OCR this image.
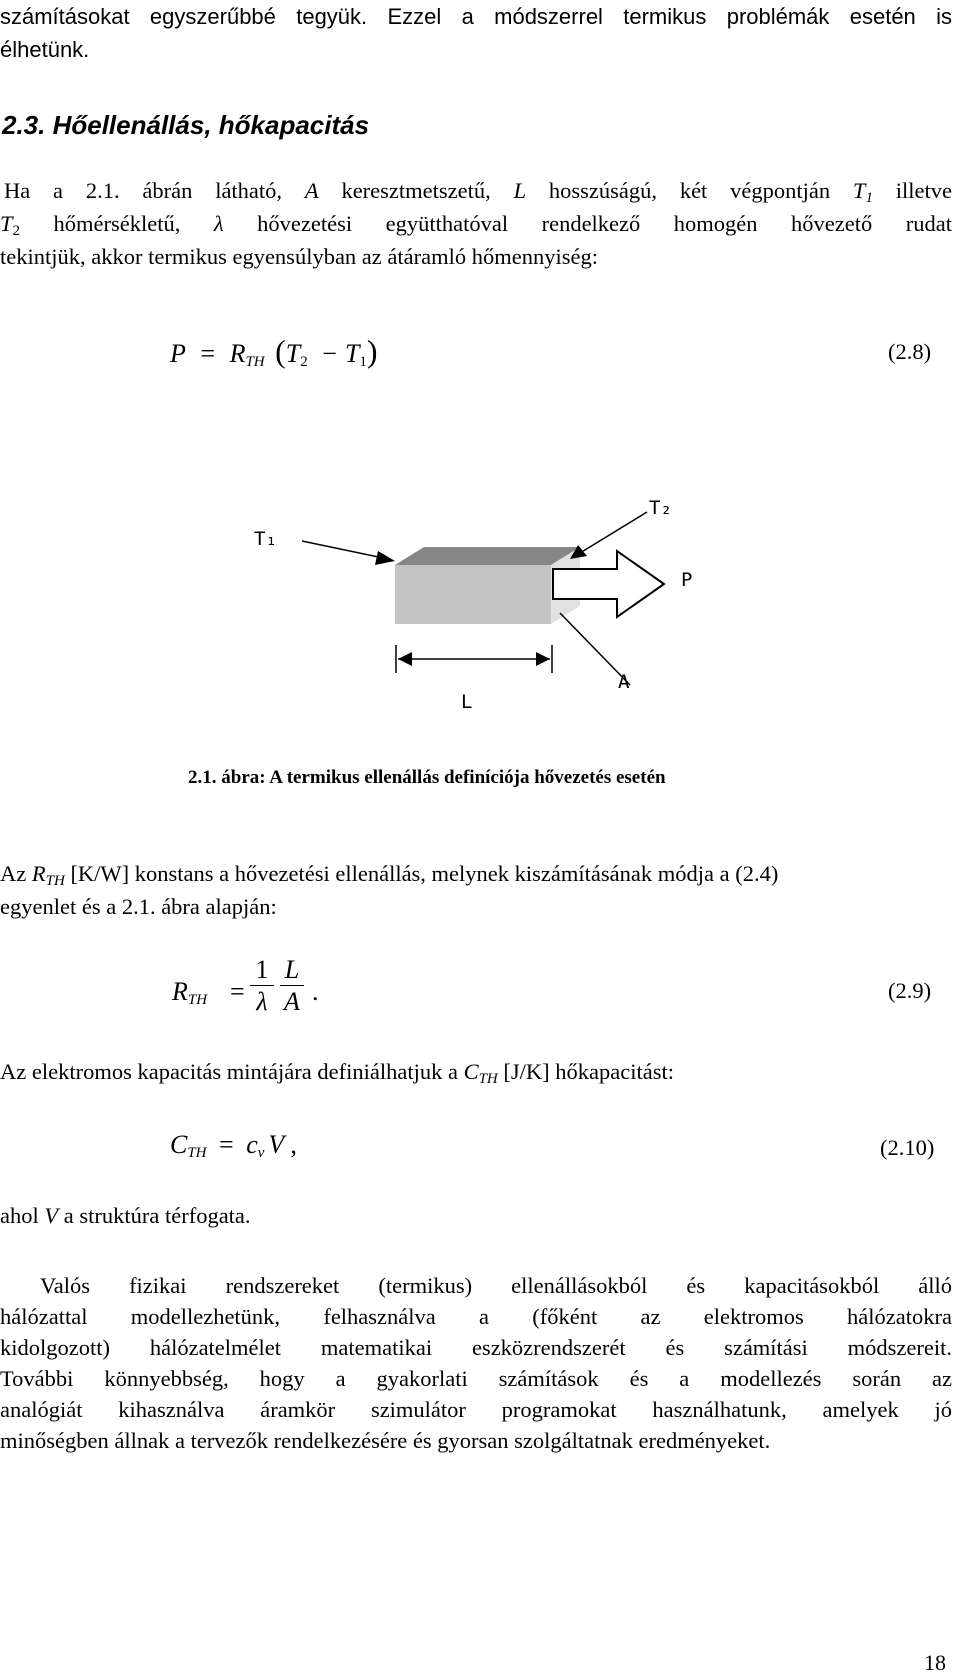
számításokat egyszerűbbé tegyük. Ezzel a módszerrel termikus problémák esetén is
élhetünk.
2.3. Hőellenállás, hőkapacitás
Ha a 2.1. ábrán látható, A keresztmetszetű, L hosszúságú, két végpontján $T_1$ illetve
$T_2$ hőmérsékletű, λ hővezetési együtthatóval rendelkező homogén hővezető rudat
tekintjük, akkor termikus egyensúlyban az átáramló hőmennyiség:
$P = R_{TH}$ $(T_2 - T_1)$	(2.8)
T₁
T₂
P
L
A
2.1. ábra: A termikus ellenállás definíciója hővezetés esetén
Az $R_{TH}$ [K/W] konstans a hővezetési ellenállás, melynek kiszámításának módja a (2.4)
egyenlet és a 2.1. ábra alapján:
$R_{TH}$ =
1
λ
L
A .	(2.9)
Az elektromos kapacitás mintájára definiálhatjuk a $C_{TH}$ [J/K] hőkapacitást:
$C_{TH} = c_v$ V ,	(2.10)
ahol V a struktúra térfogata.
Valós fizikai rendszereket (termikus) ellenállásokból és kapacitásokból álló
hálózattal modellezhetünk, felhasználva a (főként az elektromos hálózatokra
kidolgozott) hálózatelmélet matematikai eszközrendszerét és számítási módszereit.
További könnyebbség, hogy a gyakorlati számítások és a modellezés során az
analógiát kihasználva áramkör szimulátor programokat használhatunk, amelyek jó
minőségben állnak a tervezők rendelkezésére és gyorsan szolgáltatnak eredményeket.
18
